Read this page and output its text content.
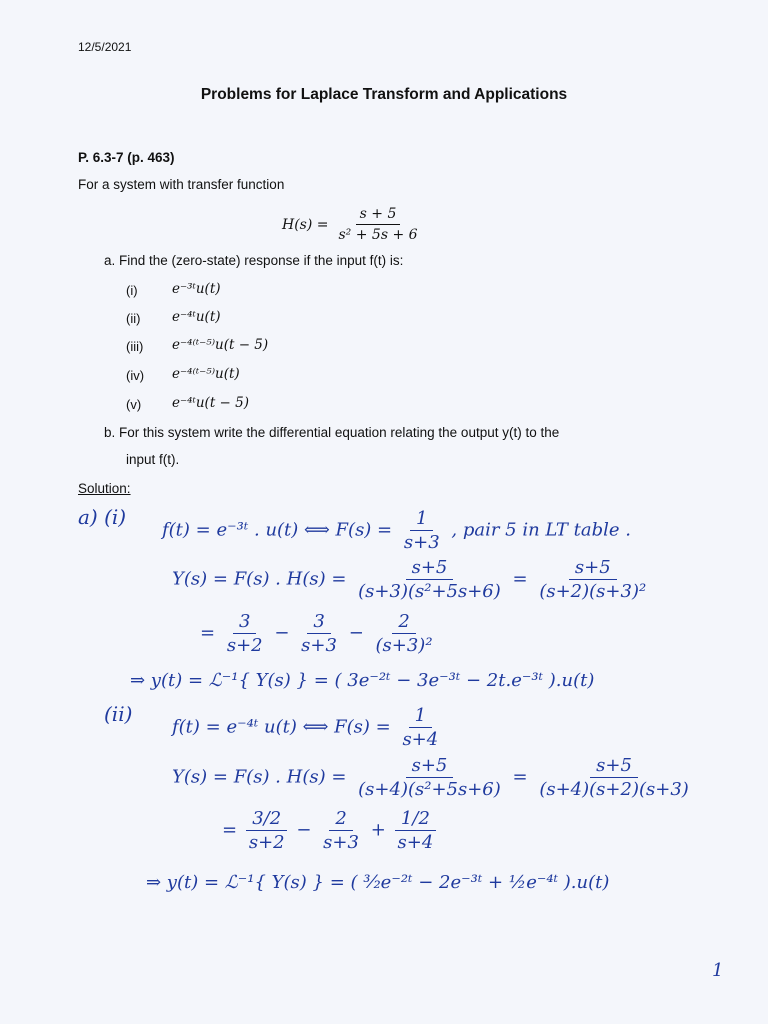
12/5/2021
Problems for Laplace Transform and Applications
P. 6.3-7 (p. 463)
For a system with transfer function
$H(s) = \frac{s + 5}{\text{s² + 5s + 6}}$
a. Find the (zero-state) response if the input f(t) is:
(i)	e⁻³ᵗu(t)
(ii) e⁻⁴ᵗu(t)
(iii) e⁻⁴⁽ᵗ⁻⁵⁾u(t − 5)
(iv) e⁻⁴⁽ᵗ⁻⁵⁾u(t)
(v) e⁻⁴ᵗu(t − 5)
b. For this system write the differential equation relating the output y(t) to the
input f(t).
Solution:
a) (i)
f(t) = e⁻³ᵗ . u(t) ⟺ $F(s) = \frac{1}{s+3}$ , pair 5 in LT table .
Y(s) = F(s) . $H(s) = \frac{s+5}{\text{(s+3)(s²+5s+6)}} = \frac{s+5}{\text{(s+2)(s+3)²}}$
= $\frac{3}{s+2} - \frac{3}{s+3} - \frac{2}{\text{(s+3)²}}$
⇒ y(t) = ℒ⁻¹{ Y(s) } = ( 3e⁻²ᵗ − 3e⁻³ᵗ − 2t.e⁻³ᵗ ).u(t)
(ii)
f(t) = e⁻⁴ᵗ u(t) ⟺ $F(s) = \frac{1}{s+4}$
Y(s) = F(s) . $H(s) = \frac{s+5}{\text{(s+4)(s²+5s+6)}} = \frac{s+5}{(s+4)(s+2)(s+3)}$
= $\frac{3/2}{s+2} - \frac{2}{s+3} + \frac{1/2}{s+4}$
⇒ y(t) = ℒ⁻¹{ Y(s) } = ( ³⁄₂e⁻²ᵗ − 2e⁻³ᵗ + ½e⁻⁴ᵗ ).u(t)
1
